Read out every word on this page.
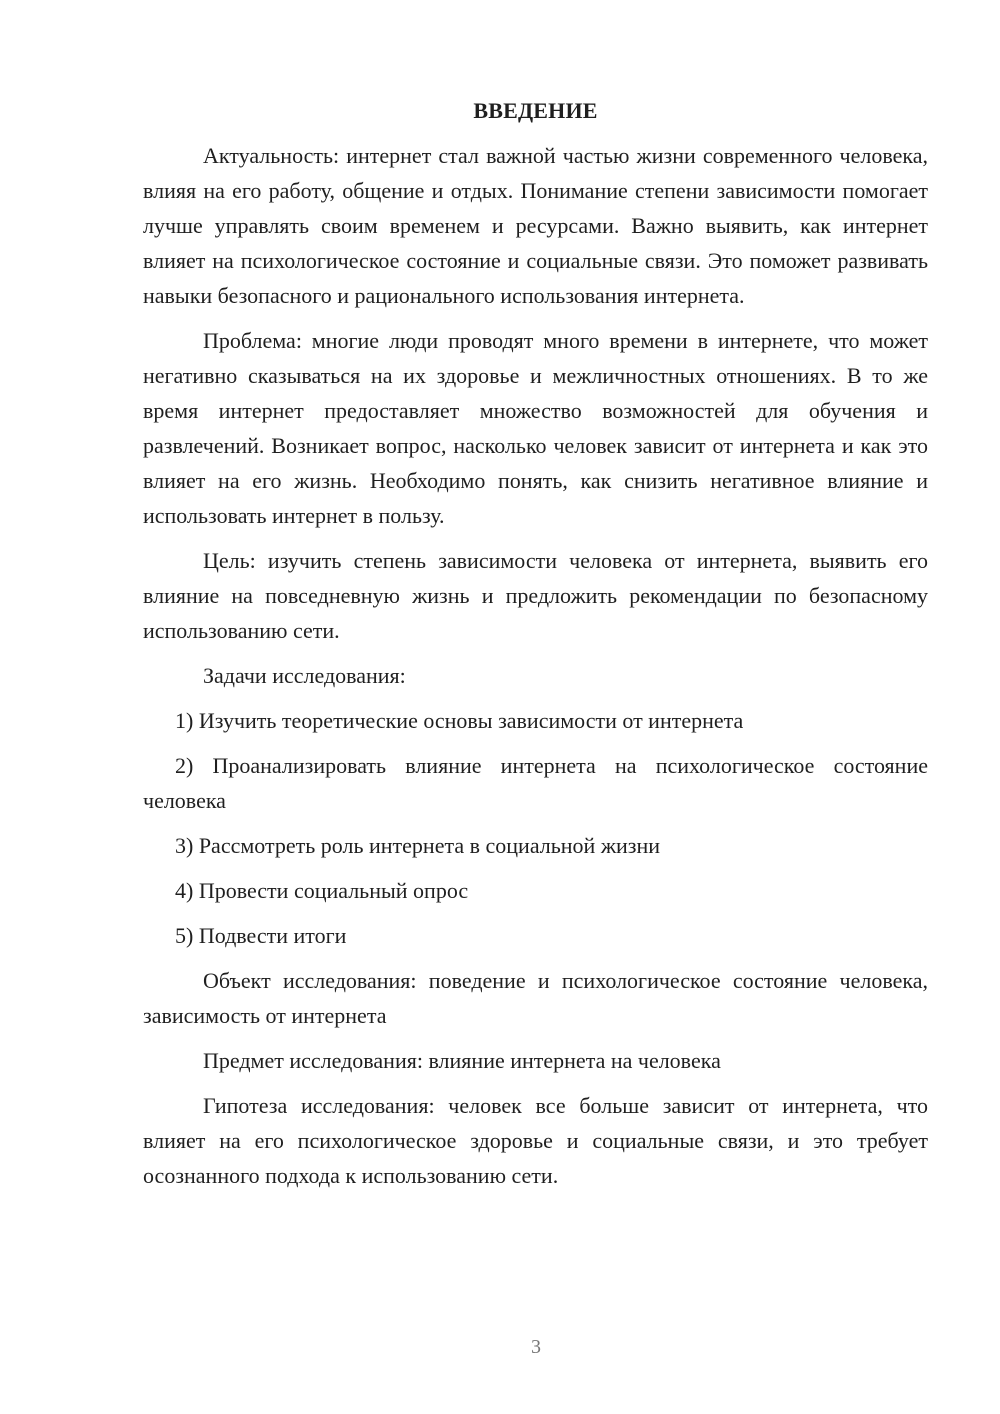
ВВЕДЕНИЕ

Актуальность: интернет стал важной частью жизни современного человека, влияя на его работу, общение и отдых. Понимание степени зависимости помогает лучше управлять своим временем и ресурсами. Важно выявить, как интернет влияет на психологическое состояние и социальные связи. Это поможет развивать навыки безопасного и рационального использования интернета.

Проблема: многие люди проводят много времени в интернете, что может негативно сказываться на их здоровье и межличностных отношениях. В то же время интернет предоставляет множество возможностей для обучения и развлечений. Возникает вопрос, насколько человек зависит от интернета и как это влияет на его жизнь. Необходимо понять, как снизить негативное влияние и использовать интернет в пользу.

Цель: изучить степень зависимости человека от интернета, выявить его влияние на повседневную жизнь и предложить рекомендации по безопасному использованию сети.

Задачи исследования:

1) Изучить теоретические основы зависимости от интернета

2) Проанализировать влияние интернета на психологическое состояние человека

3) Рассмотреть роль интернета в социальной жизни

4) Провести социальный опрос

5) Подвести итоги

Объект исследования: поведение и психологическое состояние человека, зависимость от интернета

Предмет исследования: влияние интернета на человека

Гипотеза исследования: человек все больше зависит от интернета, что влияет на его психологическое здоровье и социальные связи, и это требует осознанного подхода к использованию сети.

3
